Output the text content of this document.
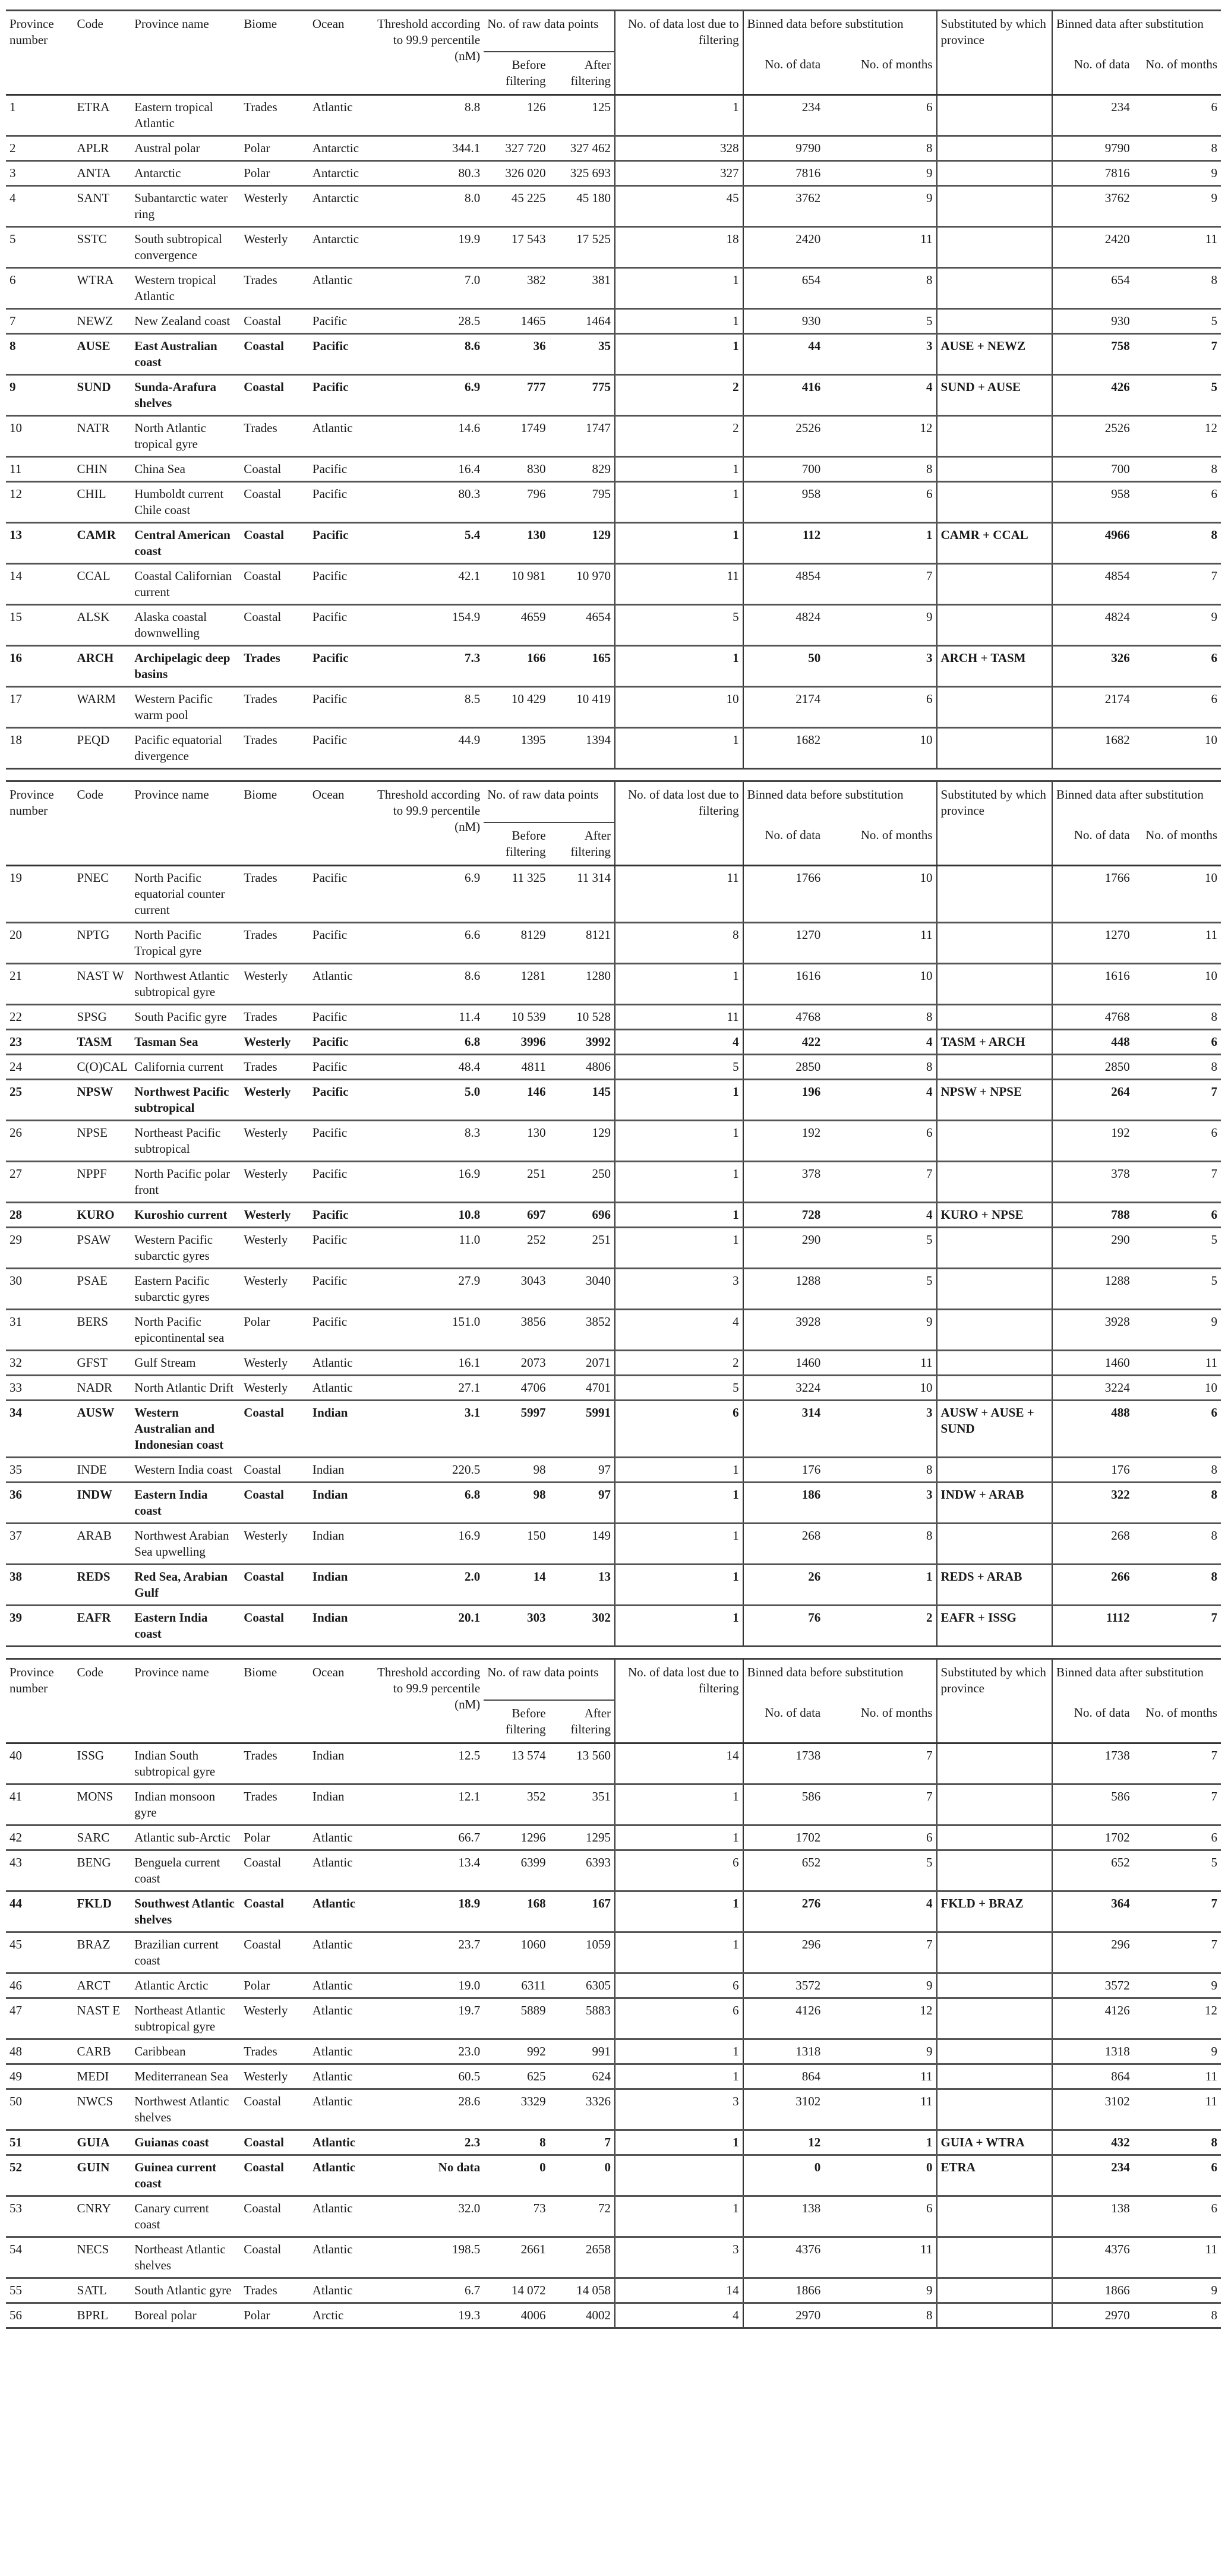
Province number	Code	Province name	Biome	Ocean	Threshold according to 99.9 percentile (nM)	No. of raw data points		No. of data lost due to filtering	Binned data before substitution		Substituted by which province	Binned data after substitution	
						Before filtering	After filtering		No. of data	No. of months		No. of data	No. of months
1	ETRA	Eastern tropical Atlantic	Trades	Atlantic	8.8	126	125	1	234	6		234	6
2	APLR	Austral polar	Polar	Antarctic	344.1	327 720	327 462	328	9790	8		9790	8
3	ANTA	Antarctic	Polar	Antarctic	80.3	326 020	325 693	327	7816	9		7816	9
4	SANT	Subantarctic water ring	Westerly	Antarctic	8.0	45 225	45 180	45	3762	9		3762	9
5	SSTC	South subtropical convergence	Westerly	Antarctic	19.9	17 543	17 525	18	2420	11		2420	11
6	WTRA	Western tropical Atlantic	Trades	Atlantic	7.0	382	381	1	654	8		654	8
7	NEWZ	New Zealand coast	Coastal	Pacific	28.5	1465	1464	1	930	5		930	5
8	AUSE	East Australian coast	Coastal	Pacific	8.6	36	35	1	44	3	AUSE + NEWZ	758	7
9	SUND	Sunda-Arafura shelves	Coastal	Pacific	6.9	777	775	2	416	4	SUND + AUSE	426	5
10	NATR	North Atlantic tropical gyre	Trades	Atlantic	14.6	1749	1747	2	2526	12		2526	12
11	CHIN	China Sea	Coastal	Pacific	16.4	830	829	1	700	8		700	8
12	CHIL	Humboldt current Chile coast	Coastal	Pacific	80.3	796	795	1	958	6		958	6
13	CAMR	Central American coast	Coastal	Pacific	5.4	130	129	1	112	1	CAMR + CCAL	4966	8
14	CCAL	Coastal Californian current	Coastal	Pacific	42.1	10 981	10 970	11	4854	7		4854	7
15	ALSK	Alaska coastal downwelling	Coastal	Pacific	154.9	4659	4654	5	4824	9		4824	9
16	ARCH	Archipelagic deep basins	Trades	Pacific	7.3	166	165	1	50	3	ARCH + TASM	326	6
17	WARM	Western Pacific warm pool	Trades	Pacific	8.5	10 429	10 419	10	2174	6		2174	6
18	PEQD	Pacific equatorial divergence	Trades	Pacific	44.9	1395	1394	1	1682	10		1682	10
Province number	Code	Province name	Biome	Ocean	Threshold according to 99.9 percentile (nM)	No. of raw data points		No. of data lost due to filtering	Binned data before substitution		Substituted by which province	Binned data after substitution	
						Before filtering	After filtering		No. of data	No. of months		No. of data	No. of months
19	PNEC	North Pacific equatorial counter current	Trades	Pacific	6.9	11 325	11 314	11	1766	10		1766	10
20	NPTG	North Pacific Tropical gyre	Trades	Pacific	6.6	8129	8121	8	1270	11		1270	11
21	NAST W	Northwest Atlantic subtropical gyre	Westerly	Atlantic	8.6	1281	1280	1	1616	10		1616	10
22	SPSG	South Pacific gyre	Trades	Pacific	11.4	10 539	10 528	11	4768	8		4768	8
23	TASM	Tasman Sea	Westerly	Pacific	6.8	3996	3992	4	422	4	TASM + ARCH	448	6
24	C(O)CAL	California current	Trades	Pacific	48.4	4811	4806	5	2850	8		2850	8
25	NPSW	Northwest Pacific subtropical	Westerly	Pacific	5.0	146	145	1	196	4	NPSW + NPSE	264	7
26	NPSE	Northeast Pacific subtropical	Westerly	Pacific	8.3	130	129	1	192	6		192	6
27	NPPF	North Pacific polar front	Westerly	Pacific	16.9	251	250	1	378	7		378	7
28	KURO	Kuroshio current	Westerly	Pacific	10.8	697	696	1	728	4	KURO + NPSE	788	6
29	PSAW	Western Pacific subarctic gyres	Westerly	Pacific	11.0	252	251	1	290	5		290	5
30	PSAE	Eastern Pacific subarctic gyres	Westerly	Pacific	27.9	3043	3040	3	1288	5		1288	5
31	BERS	North Pacific epicontinental sea	Polar	Pacific	151.0	3856	3852	4	3928	9		3928	9
32	GFST	Gulf Stream	Westerly	Atlantic	16.1	2073	2071	2	1460	11		1460	11
33	NADR	North Atlantic Drift	Westerly	Atlantic	27.1	4706	4701	5	3224	10		3224	10
34	AUSW	Western Australian and Indonesian coast	Coastal	Indian	3.1	5997	5991	6	314	3	AUSW + AUSE + SUND	488	6
35	INDE	Western India coast	Coastal	Indian	220.5	98	97	1	176	8		176	8
36	INDW	Eastern India coast	Coastal	Indian	6.8	98	97	1	186	3	INDW + ARAB	322	8
37	ARAB	Northwest Arabian Sea upwelling	Westerly	Indian	16.9	150	149	1	268	8		268	8
38	REDS	Red Sea, Arabian Gulf	Coastal	Indian	2.0	14	13	1	26	1	REDS + ARAB	266	8
39	EAFR	Eastern India coast	Coastal	Indian	20.1	303	302	1	76	2	EAFR + ISSG	1112	7
Province number	Code	Province name	Biome	Ocean	Threshold according to 99.9 percentile (nM)	No. of raw data points		No. of data lost due to filtering	Binned data before substitution		Substituted by which province	Binned data after substitution	
						Before filtering	After filtering		No. of data	No. of months		No. of data	No. of months
40	ISSG	Indian South subtropical gyre	Trades	Indian	12.5	13 574	13 560	14	1738	7		1738	7
41	MONS	Indian monsoon gyre	Trades	Indian	12.1	352	351	1	586	7		586	7
42	SARC	Atlantic sub-Arctic	Polar	Atlantic	66.7	1296	1295	1	1702	6		1702	6
43	BENG	Benguela current coast	Coastal	Atlantic	13.4	6399	6393	6	652	5		652	5
44	FKLD	Southwest Atlantic shelves	Coastal	Atlantic	18.9	168	167	1	276	4	FKLD + BRAZ	364	7
45	BRAZ	Brazilian current coast	Coastal	Atlantic	23.7	1060	1059	1	296	7		296	7
46	ARCT	Atlantic Arctic	Polar	Atlantic	19.0	6311	6305	6	3572	9		3572	9
47	NAST E	Northeast Atlantic subtropical gyre	Westerly	Atlantic	19.7	5889	5883	6	4126	12		4126	12
48	CARB	Caribbean	Trades	Atlantic	23.0	992	991	1	1318	9		1318	9
49	MEDI	Mediterranean Sea	Westerly	Atlantic	60.5	625	624	1	864	11		864	11
50	NWCS	Northwest Atlantic shelves	Coastal	Atlantic	28.6	3329	3326	3	3102	11		3102	11
51	GUIA	Guianas coast	Coastal	Atlantic	2.3	8	7	1	12	1	GUIA + WTRA	432	8
52	GUIN	Guinea current coast	Coastal	Atlantic	No data	0	0		0	0	ETRA	234	6
53	CNRY	Canary current coast	Coastal	Atlantic	32.0	73	72	1	138	6		138	6
54	NECS	Northeast Atlantic shelves	Coastal	Atlantic	198.5	2661	2658	3	4376	11		4376	11
55	SATL	South Atlantic gyre	Trades	Atlantic	6.7	14 072	14 058	14	1866	9		1866	9
56	BPRL	Boreal polar	Polar	Arctic	19.3	4006	4002	4	2970	8		2970	8
